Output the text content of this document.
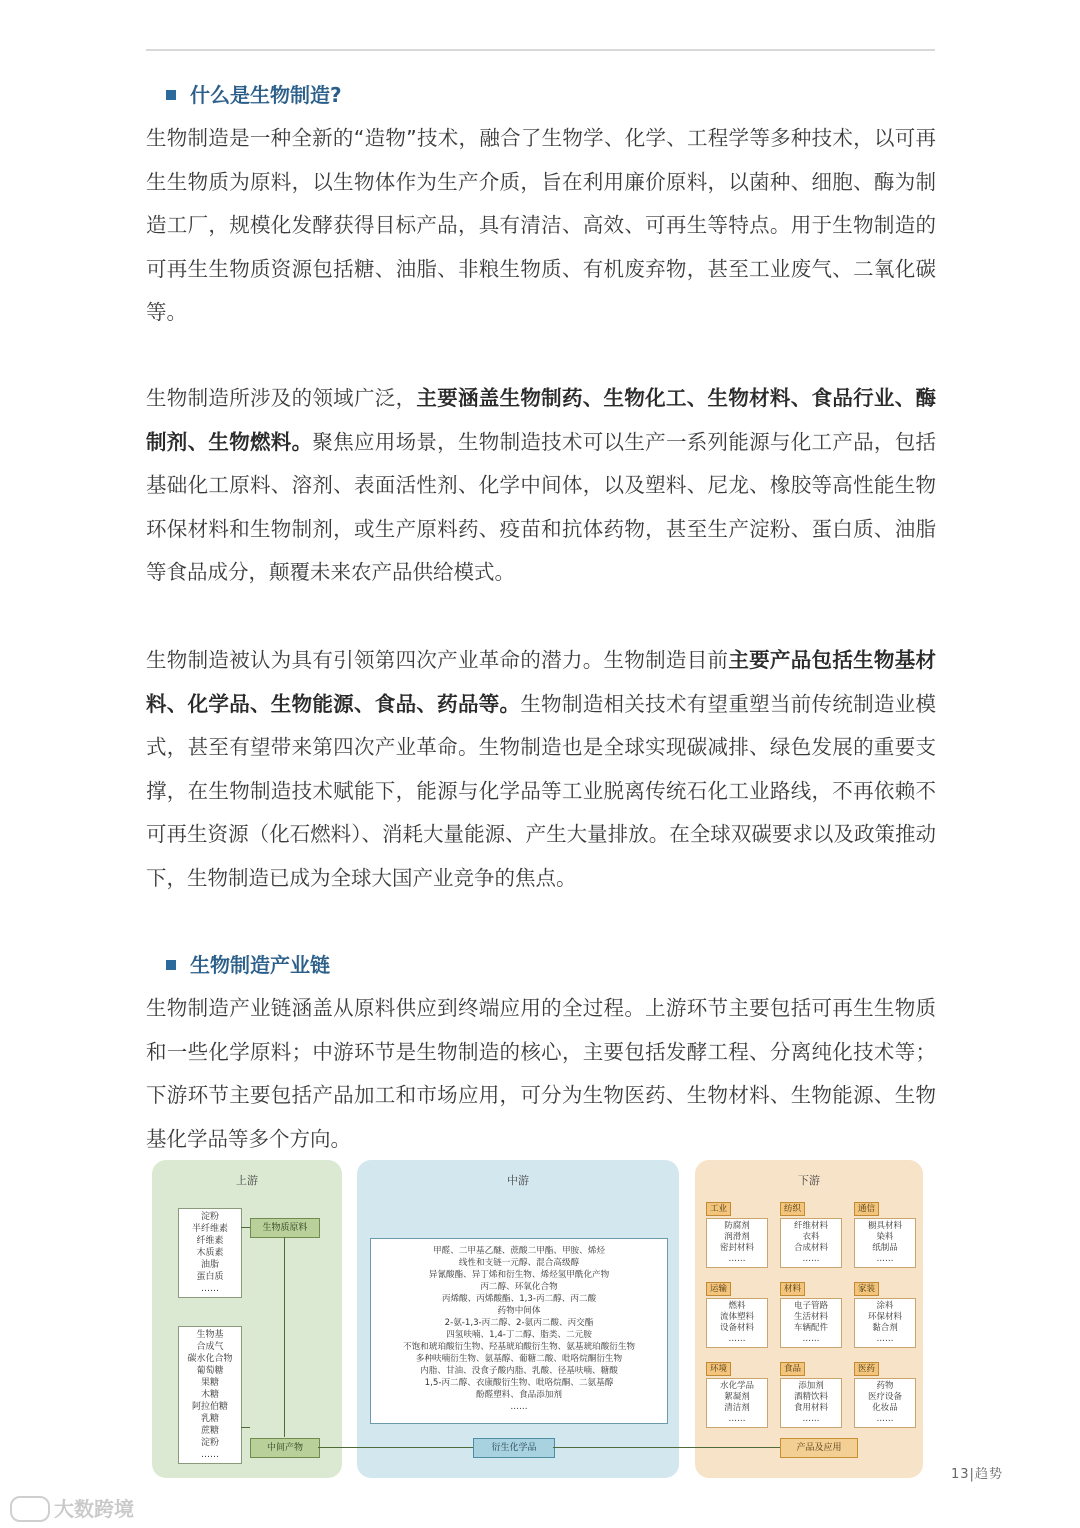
什么是生物制造?

生物制造是一种全新的“造物”技术，融合了生物学、化学、工程学等多种技术，以可再生生物质为原料，以生物体作为生产介质，旨在利用廉价原料，以菌种、细胞、酶为制造工厂，规模化发酵获得目标产品，具有清洁、高效、可再生等特点。用于生物制造的可再生生物质资源包括糖、油脂、非粮生物质、有机废弃物，甚至工业废气、二氧化碳等。

生物制造所涉及的领域广泛，主要涵盖生物制药、生物化工、生物材料、食品行业、酶制剂、生物燃料。聚焦应用场景，生物制造技术可以生产一系列能源与化工产品，包括基础化工原料、溶剂、表面活性剂、化学中间体，以及塑料、尼龙、橡胶等高性能生物环保材料和生物制剂，或生产原料药、疫苗和抗体药物，甚至生产淀粉、蛋白质、油脂等食品成分，颠覆未来农产品供给模式。

生物制造被认为具有引领第四次产业革命的潜力。生物制造目前主要产品包括生物基材料、化学品、生物能源、食品、药品等。生物制造相关技术有望重塑当前传统制造业模式，甚至有望带来第四次产业革命。生物制造也是全球实现碳减排、绿色发展的重要支撑，在生物制造技术赋能下，能源与化学品等工业脱离传统石化工业路线，不再依赖不可再生资源（化石燃料）、消耗大量能源、产生大量排放。在全球双碳要求以及政策推动下，生物制造已成为全球大国产业竞争的焦点。

生物制造产业链

生物制造产业链涵盖从原料供应到终端应用的全过程。上游环节主要包括可再生生物质和一些化学原料；中游环节是生物制造的核心，主要包括发酵工程、分离纯化技术等；下游环节主要包括产品加工和市场应用，可分为生物医药、生物材料、生物能源、生物基化学品等多个方向。

上游	中游	下游
淀粉
半纤维素
纤维素
木质素
油脂
蛋白质
……
生物基
合成气
碳水化合物
葡萄糖
果糖
木糖
阿拉伯糖
乳糖
蔗糖
淀粉
……
生物质原料
中间产物
甲醛、二甲基乙醚、蔗酸二甲酯、甲胺、烯烃
线性和支链一元醇、混合高级醇
异氰酸酯、异丁烯和衍生物、烯烃氢甲酰化产物
丙二醇、环氧化合物
丙烯酸、丙烯酸酯、1,3-丙二醇、丙二酸
药物中间体
2-氨-1,3-丙二醇、2-氨丙二酸、丙交酯
四氢呋喃、1,4-丁二醇、脂类、二元胺
不饱和琥珀酸衍生物、羟基琥珀酸衍生物、氨基琥珀酸衍生物
多种呋喃衍生物、氨基醇、葡糖二酸、吡咯烷酮衍生物
内脂、甘油、没食子酸内脂、乳酸、径基呋喃、糖酸
1,5-丙二醇、衣康酸衍生物、吡咯烷酮、二氨基醇
酚醛塑料、食品添加剂
……
衍生化学品
工业
防腐剂
润滑剂
密封材料
……
纺织
纤维材料
衣料
合成材料
……
通信
橱具材料
染料
纸制品
……
运输
燃料
流体塑料
设备材料
……
材料
电子管路
生活材料
车辆配件
……
家装
涂料
环保材料
黏合剂
……
环境
水化学品
絮凝剂
清洁剂
……
食品
添加剂
酒精饮料
食用材料
……
医药
药物
医疗设备
化妆品
……
产品及应用
13|趋势
大数跨境
